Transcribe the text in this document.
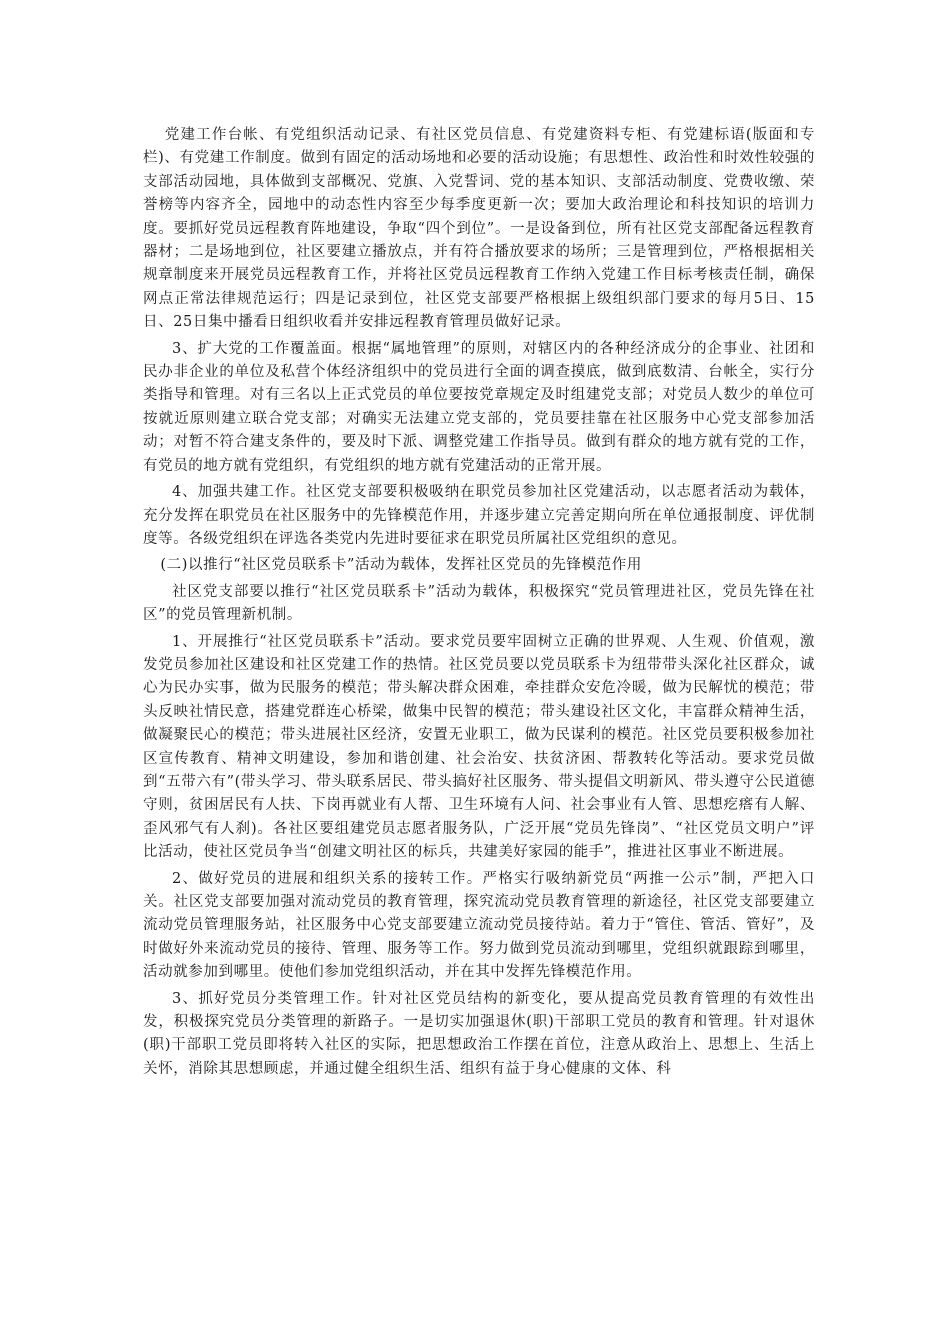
党建工作台帐、有党组织活动记录、有社区党员信息、有党建资料专柜、有党建标语(版面和专栏)、有党建工作制度。做到有固定的活动场地和必要的活动设施；有思想性、政治性和时效性较强的支部活动园地，具体做到支部概况、党旗、入党誓词、党的基本知识、支部活动制度、党费收缴、荣誉榜等内容齐全，园地中的动态性内容至少每季度更新一次；要加大政治理论和科技知识的培训力度。要抓好党员远程教育阵地建设，争取“四个到位”。一是设备到位，所有社区党支部配备远程教育器材；二是场地到位，社区要建立播放点，并有符合播放要求的场所；三是管理到位，严格根据相关规章制度来开展党员远程教育工作，并将社区党员远程教育工作纳入党建工作目标考核责任制，确保网点正常法律规范运行；四是记录到位，社区党支部要严格根据上级组织部门要求的每月5日、15日、25日集中播看日组织收看并安排远程教育管理员做好记录。

3、扩大党的工作覆盖面。根据“属地管理”的原则，对辖区内的各种经济成分的企事业、社团和民办非企业的单位及私营个体经济组织中的党员进行全面的调查摸底，做到底数清、台帐全，实行分类指导和管理。对有三名以上正式党员的单位要按党章规定及时组建党支部；对党员人数少的单位可按就近原则建立联合党支部；对确实无法建立党支部的，党员要挂靠在社区服务中心党支部参加活动；对暂不符合建支条件的，要及时下派、调整党建工作指导员。做到有群众的地方就有党的工作，有党员的地方就有党组织，有党组织的地方就有党建活动的正常开展。

4、加强共建工作。社区党支部要积极吸纳在职党员参加社区党建活动，以志愿者活动为载体，充分发挥在职党员在社区服务中的先锋模范作用，并逐步建立完善定期向所在单位通报制度、评优制度等。各级党组织在评选各类党内先进时要征求在职党员所属社区党组织的意见。

(二)以推行“社区党员联系卡”活动为载体，发挥社区党员的先锋模范作用

社区党支部要以推行“社区党员联系卡”活动为载体，积极探究“党员管理进社区，党员先锋在社区”的党员管理新机制。

1、开展推行“社区党员联系卡”活动。要求党员要牢固树立正确的世界观、人生观、价值观，激发党员参加社区建设和社区党建工作的热情。社区党员要以党员联系卡为纽带带头深化社区群众，诚心为民办实事，做为民服务的模范；带头解决群众困难，牵挂群众安危冷暖，做为民解忧的模范；带头反映社情民意，搭建党群连心桥梁，做集中民智的模范；带头建设社区文化，丰富群众精神生活，做凝聚民心的模范；带头进展社区经济，安置无业职工，做为民谋利的模范。社区党员要积极参加社区宣传教育、精神文明建设，参加和谐创建、社会治安、扶贫济困、帮教转化等活动。要求党员做到“五带六有”(带头学习、带头联系居民、带头搞好社区服务、带头提倡文明新风、带头遵守公民道德守则，贫困居民有人扶、下岗再就业有人帮、卫生环境有人问、社会事业有人管、思想疙瘩有人解、歪风邪气有人刹)。各社区要组建党员志愿者服务队，广泛开展“党员先锋岗”、“社区党员文明户”评比活动，使社区党员争当“创建文明社区的标兵，共建美好家园的能手”，推进社区事业不断进展。

2、做好党员的进展和组织关系的接转工作。严格实行吸纳新党员“两推一公示”制，严把入口关。社区党支部要加强对流动党员的教育管理，探究流动党员教育管理的新途径，社区党支部要建立流动党员管理服务站，社区服务中心党支部要建立流动党员接待站。着力于“管住、管活、管好”，及时做好外来流动党员的接待、管理、服务等工作。努力做到党员流动到哪里，党组织就跟踪到哪里，活动就参加到哪里。使他们参加党组织活动，并在其中发挥先锋模范作用。

3、抓好党员分类管理工作。针对社区党员结构的新变化，要从提高党员教育管理的有效性出发，积极探究党员分类管理的新路子。一是切实加强退休(职)干部职工党员的教育和管理。针对退休(职)干部职工党员即将转入社区的实际，把思想政治工作摆在首位，注意从政治上、思想上、生活上关怀，消除其思想顾虑，并通过健全组织生活、组织有益于身心健康的文体、科
